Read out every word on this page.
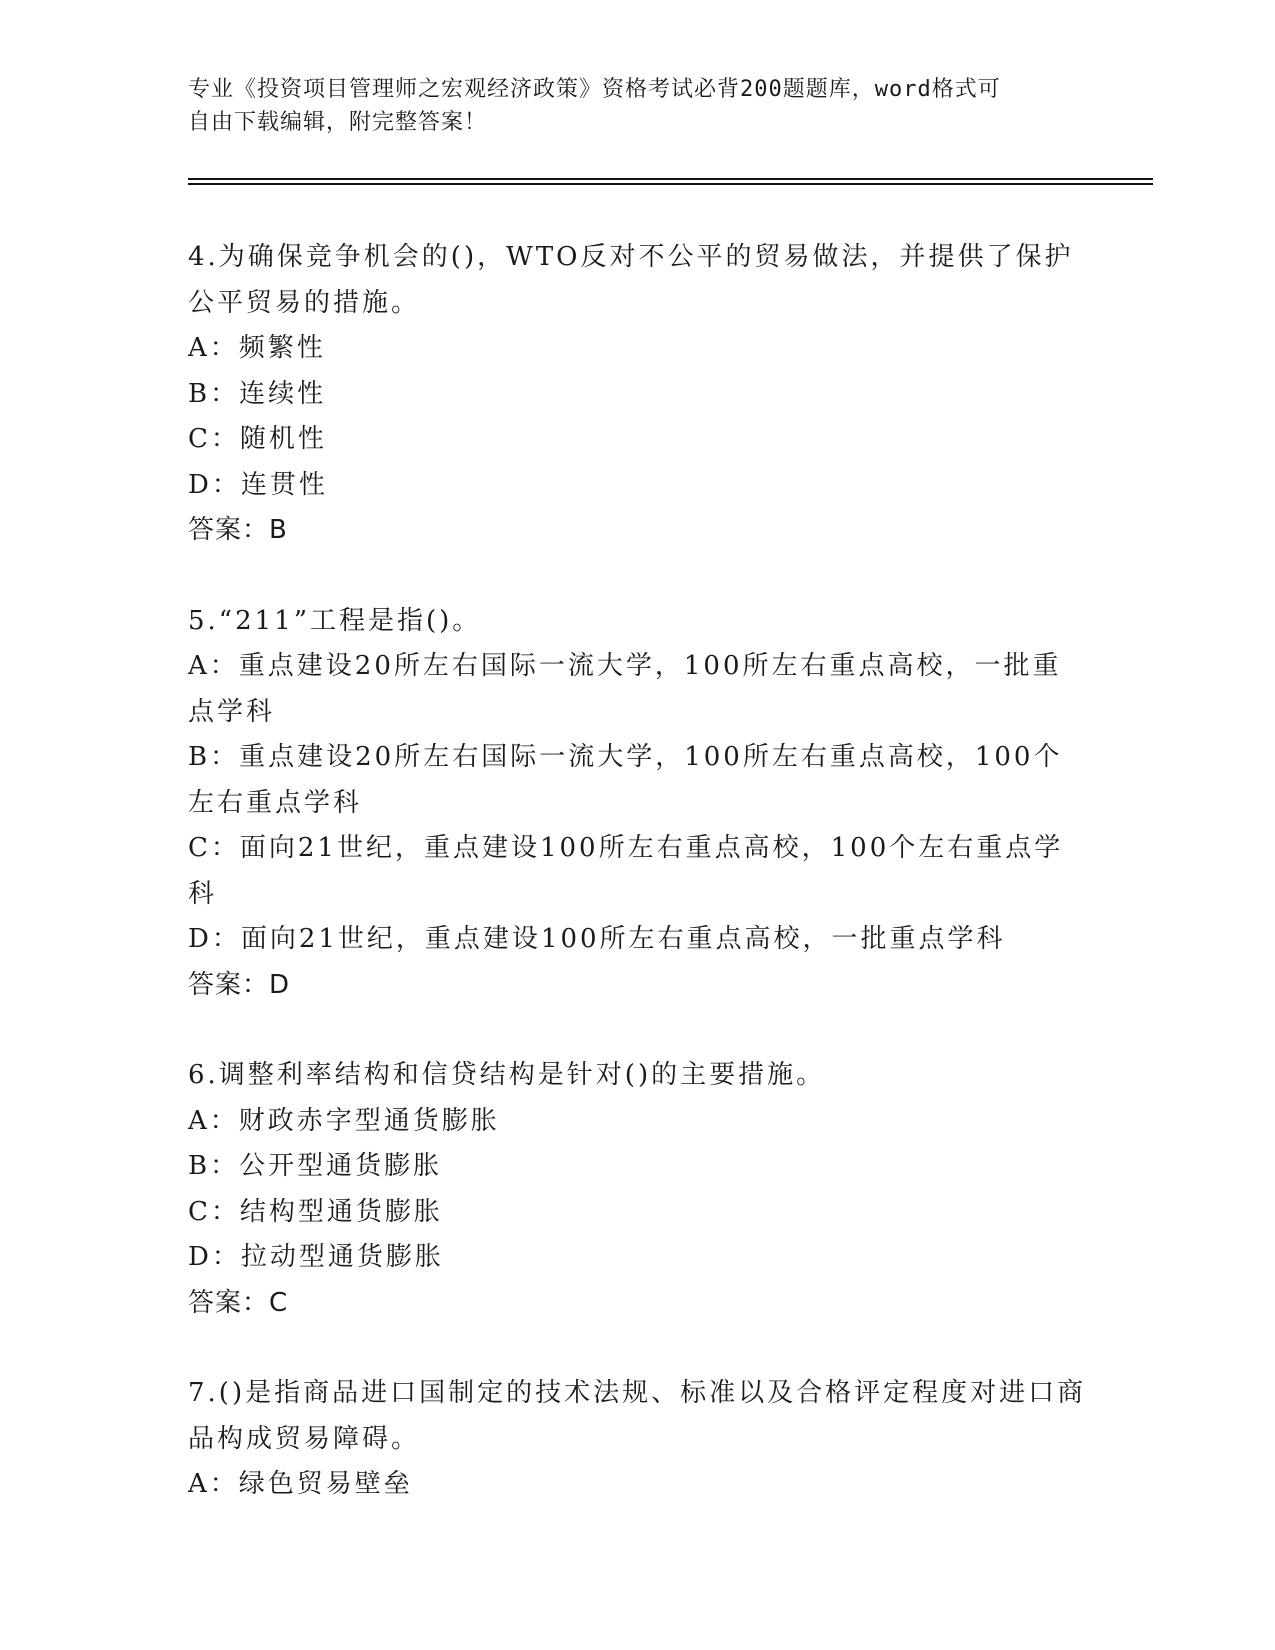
专业《投资项目管理师之宏观经济政策》资格考试必背200题题库，word格式可
自由下载编辑，附完整答案！

4.为确保竞争机会的()，WTO反对不公平的贸易做法，并提供了保护公平贸易的措施。

A：频繁性

B：连续性

C：随机性

D：连贯性

答案：B

5.“211”工程是指()。

A：重点建设20所左右国际一流大学，100所左右重点高校，一批重点学科

B：重点建设20所左右国际一流大学，100所左右重点高校，100个左右重点学科

C：面向21世纪，重点建设100所左右重点高校，100个左右重点学科

D：面向21世纪，重点建设100所左右重点高校，一批重点学科

答案：D

6.调整利率结构和信贷结构是针对()的主要措施。

A：财政赤字型通货膨胀

B：公开型通货膨胀

C：结构型通货膨胀

D：拉动型通货膨胀

答案：C

7.()是指商品进口国制定的技术法规、标准以及合格评定程度对进口商品构成贸易障碍。

A：绿色贸易壁垒
